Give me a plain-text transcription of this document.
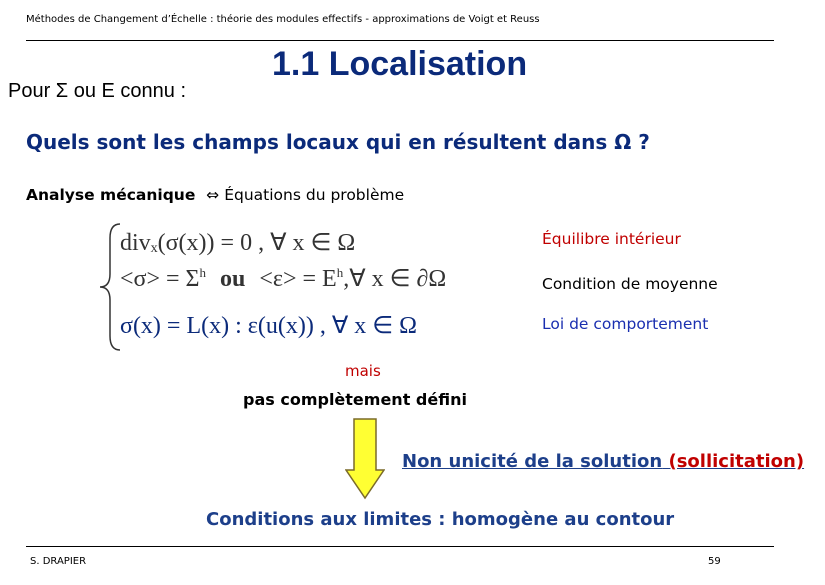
Méthodes de Changement d’Échelle : théorie des modules effectifs - approximations de Voigt et Reuss
Pour Σ ou E connu :
1.1 Localisation
Quels sont les champs locaux qui en résultent dans Ω ?
Analyse mécanique ⇔ Équations du problème
divₓ(σ(x)) = 0 , ∀ x ∈ Ω
$<\sigma> = \Sigma^h$ ou $<\varepsilon> = E^h,\forall$ x ∈ ∂Ω
σ(x) = L(x) : ε(u(x)) , ∀ x ∈ Ω
Équilibre intérieur
Condition de moyenne
Loi de comportement
mais
pas complètement défini
Non unicité de la solution (sollicitation)
Conditions aux limites : homogène au contour
S. DRAPIER	59
